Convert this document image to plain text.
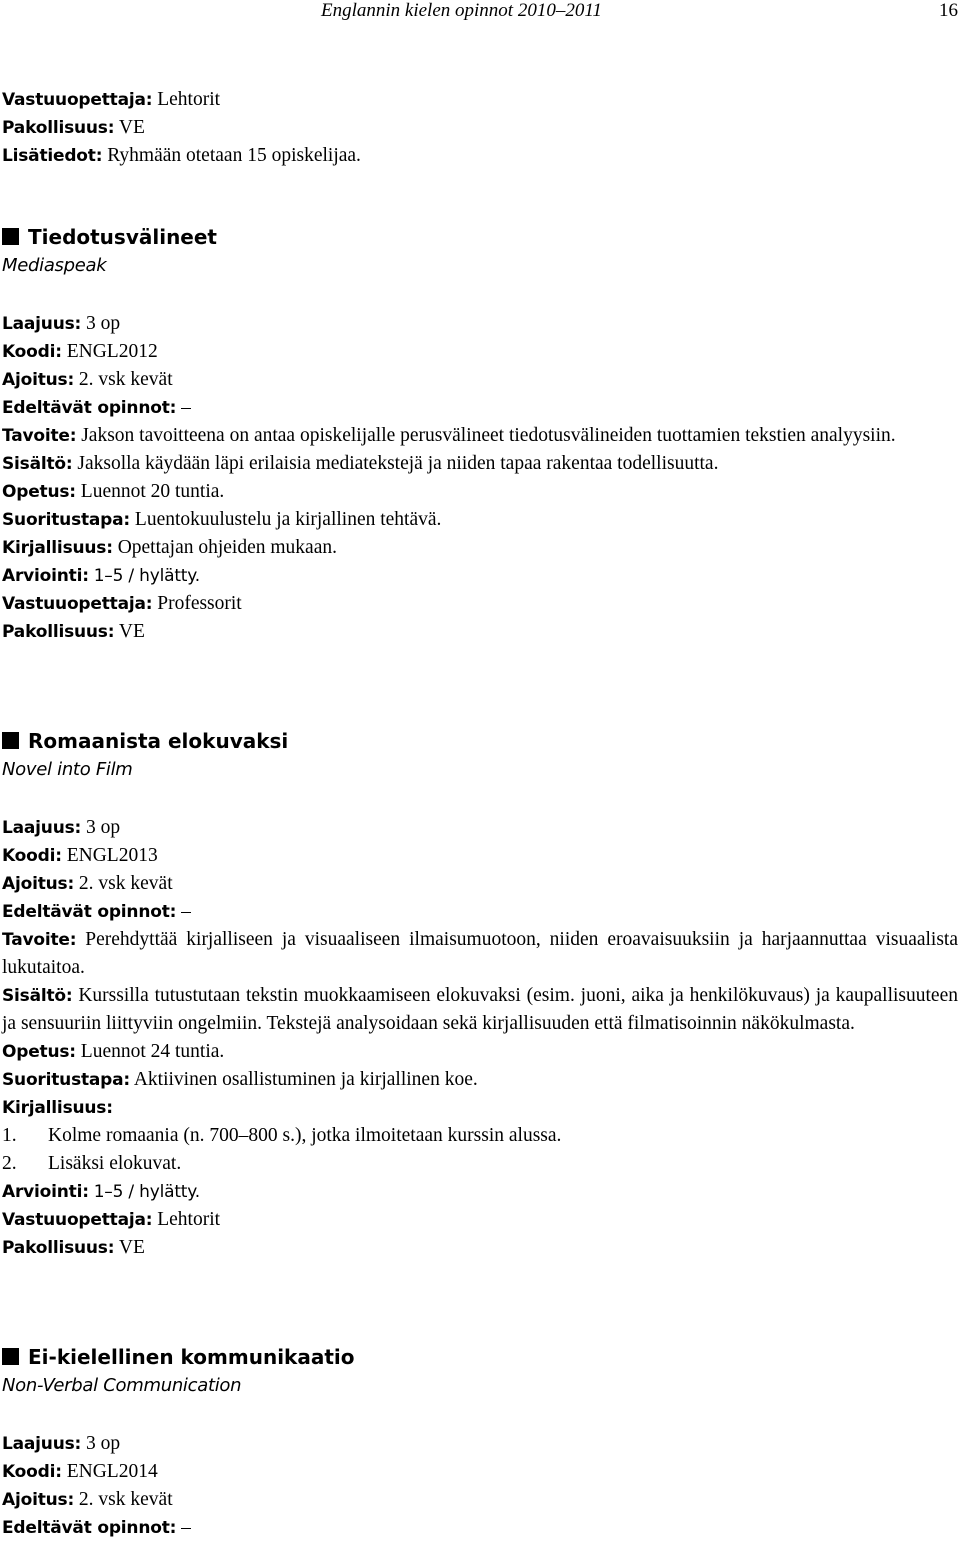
Englannin kielen opinnot 2010–2011	16
Vastuuopettaja: Lehtorit
Pakollisuus: VE
Lisätiedot: Ryhmään otetaan 15 opiskelijaa.
Tiedotusvälineet
Mediaspeak
Laajuus: 3 op
Koodi: ENGL2012
Ajoitus: 2. vsk kevät
Edeltävät opinnot: –
Tavoite: Jakson tavoitteena on antaa opiskelijalle perusvälineet tiedotusvälineiden tuottamien tekstien analyysiin.
Sisältö: Jaksolla käydään läpi erilaisia mediatekstejä ja niiden tapaa rakentaa todellisuutta.
Opetus: Luennot 20 tuntia.
Suoritustapa: Luentokuulustelu ja kirjallinen tehtävä.
Kirjallisuus: Opettajan ohjeiden mukaan.
Arviointi: 1–5 / hylätty.
Vastuuopettaja: Professorit
Pakollisuus: VE
Romaanista elokuvaksi
Novel into Film
Laajuus: 3 op
Koodi: ENGL2013
Ajoitus: 2. vsk kevät
Edeltävät opinnot: –
Tavoite: Perehdyttää kirjalliseen ja visuaaliseen ilmaisumuotoon, niiden eroavaisuuksiin ja harjaannuttaa visuaalista lukutaitoa.
Sisältö: Kurssilla tutustutaan tekstin muokkaamiseen elokuvaksi (esim. juoni, aika ja henkilökuvaus) ja kaupallisuuteen ja sensuuriin liittyviin ongelmiin. Tekstejä analysoidaan sekä kirjallisuuden että filmatisoinnin näkökulmasta.
Opetus: Luennot 24 tuntia.
Suoritustapa: Aktiivinen osallistuminen ja kirjallinen koe.
Kirjallisuus:
1. Kolme romaania (n. 700–800 s.), jotka ilmoitetaan kurssin alussa.
2. Lisäksi elokuvat.
Arviointi: 1–5 / hylätty.
Vastuuopettaja: Lehtorit
Pakollisuus: VE
Ei-kielellinen kommunikaatio
Non-Verbal Communication
Laajuus: 3 op
Koodi: ENGL2014
Ajoitus: 2. vsk kevät
Edeltävät opinnot: –
